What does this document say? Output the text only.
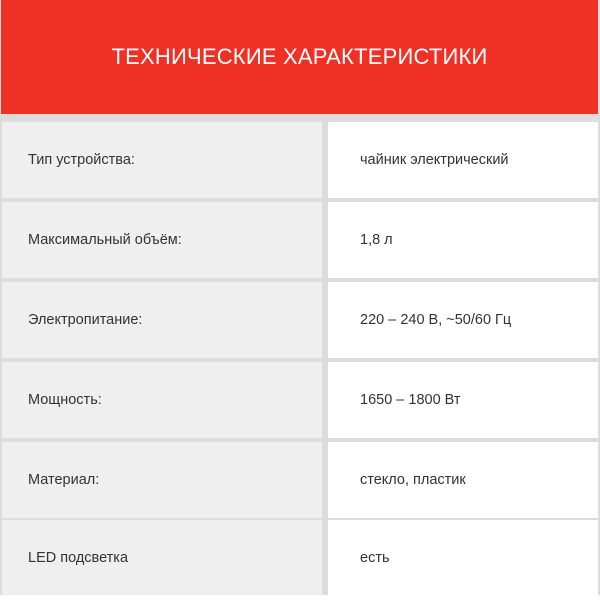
ТЕХНИЧЕСКИЕ ХАРАКТЕРИСТИКИ
Тип устройства:	чайник электрический
Максимальный объём:	1,8 л
Электропитание:	220 – 240 В, ~50/60 Гц
Мощность:	1650 – 1800 Вт
Материал:	стекло, пластик
LED подсветка	есть
